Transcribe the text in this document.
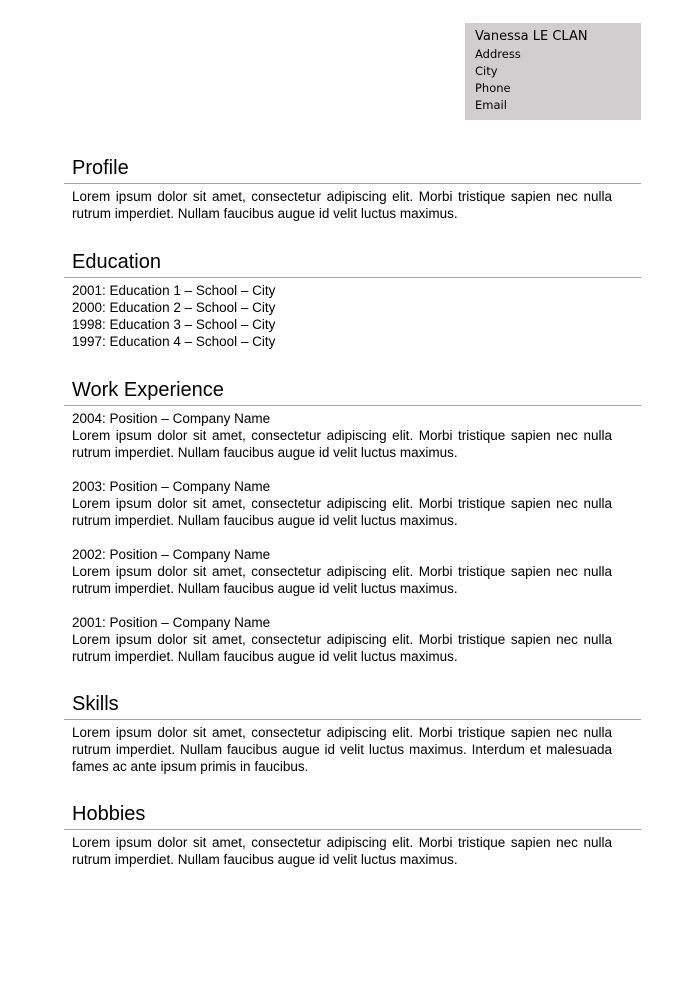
Vanessa LE CLAN
Address
City
Phone
Email
Profile
Lorem ipsum dolor sit amet, consectetur adipiscing elit. Morbi tristique sapien nec nulla rutrum imperdiet. Nullam faucibus augue id velit luctus maximus.
Education
2001: Education 1 – School – City
2000: Education 2 – School – City
1998: Education 3 – School – City
1997: Education 4 – School – City
Work Experience
2004: Position – Company Name
Lorem ipsum dolor sit amet, consectetur adipiscing elit. Morbi tristique sapien nec nulla rutrum imperdiet. Nullam faucibus augue id velit luctus maximus.
2003: Position – Company Name
Lorem ipsum dolor sit amet, consectetur adipiscing elit. Morbi tristique sapien nec nulla rutrum imperdiet. Nullam faucibus augue id velit luctus maximus.
2002: Position – Company Name
Lorem ipsum dolor sit amet, consectetur adipiscing elit. Morbi tristique sapien nec nulla rutrum imperdiet. Nullam faucibus augue id velit luctus maximus.
2001: Position – Company Name
Lorem ipsum dolor sit amet, consectetur adipiscing elit. Morbi tristique sapien nec nulla rutrum imperdiet. Nullam faucibus augue id velit luctus maximus.
Skills
Lorem ipsum dolor sit amet, consectetur adipiscing elit. Morbi tristique sapien nec nulla rutrum imperdiet. Nullam faucibus augue id velit luctus maximus. Interdum et malesuada fames ac ante ipsum primis in faucibus.
Hobbies
Lorem ipsum dolor sit amet, consectetur adipiscing elit. Morbi tristique sapien nec nulla rutrum imperdiet. Nullam faucibus augue id velit luctus maximus.
